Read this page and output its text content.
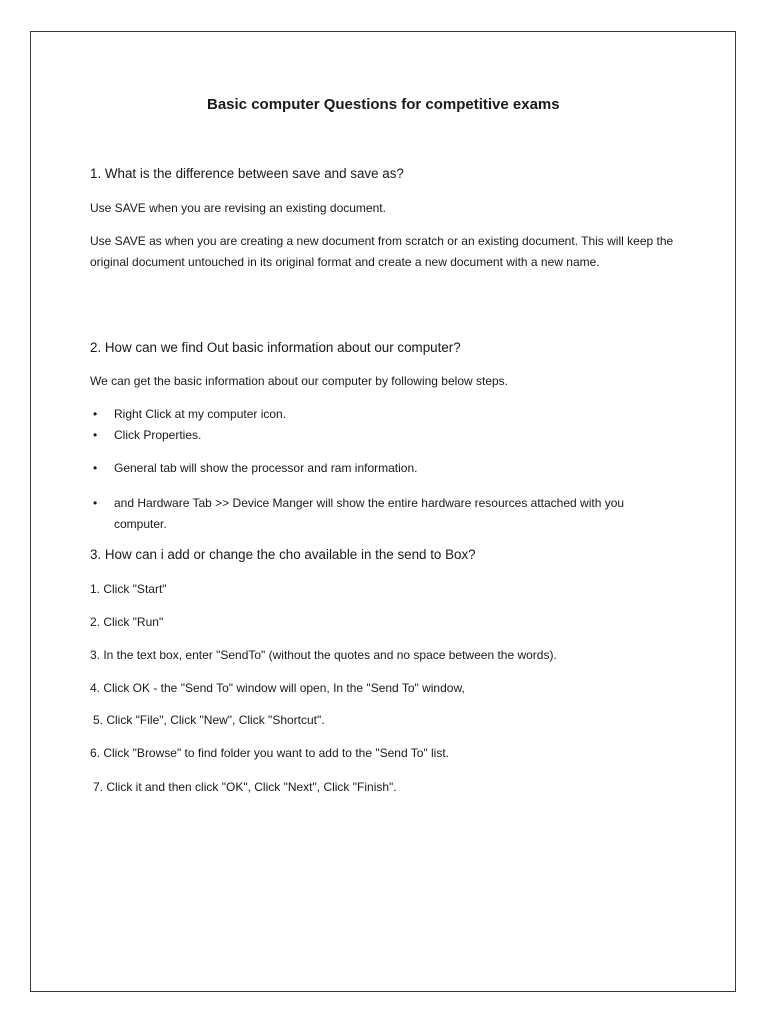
Basic computer Questions for competitive exams
1. What is the difference between save and save as?
Use SAVE when you are revising an existing document.
Use SAVE as when you are creating a new document from scratch or an existing document. This will keep the original document untouched in its original format and create a new document with a new name.
2. How can we find Out basic information about our computer?
We can get the basic information about our computer by following below steps.
• Right Click at my computer icon.
• Click Properties.
• General tab will show the processor and ram information.
• and Hardware Tab >> Device Manger will show the entire hardware resources attached with you computer.
3. How can i add or change the cho available in the send to Box?
1. Click "Start"
2. Click "Run"
3. In the text box, enter "SendTo" (without the quotes and no space between the words).
4. Click OK - the "Send To" window will open, In the "Send To" window,
5. Click "File", Click "New", Click "Shortcut".
6. Click "Browse" to find folder you want to add to the "Send To" list.
7. Click it and then click "OK", Click "Next", Click "Finish".
